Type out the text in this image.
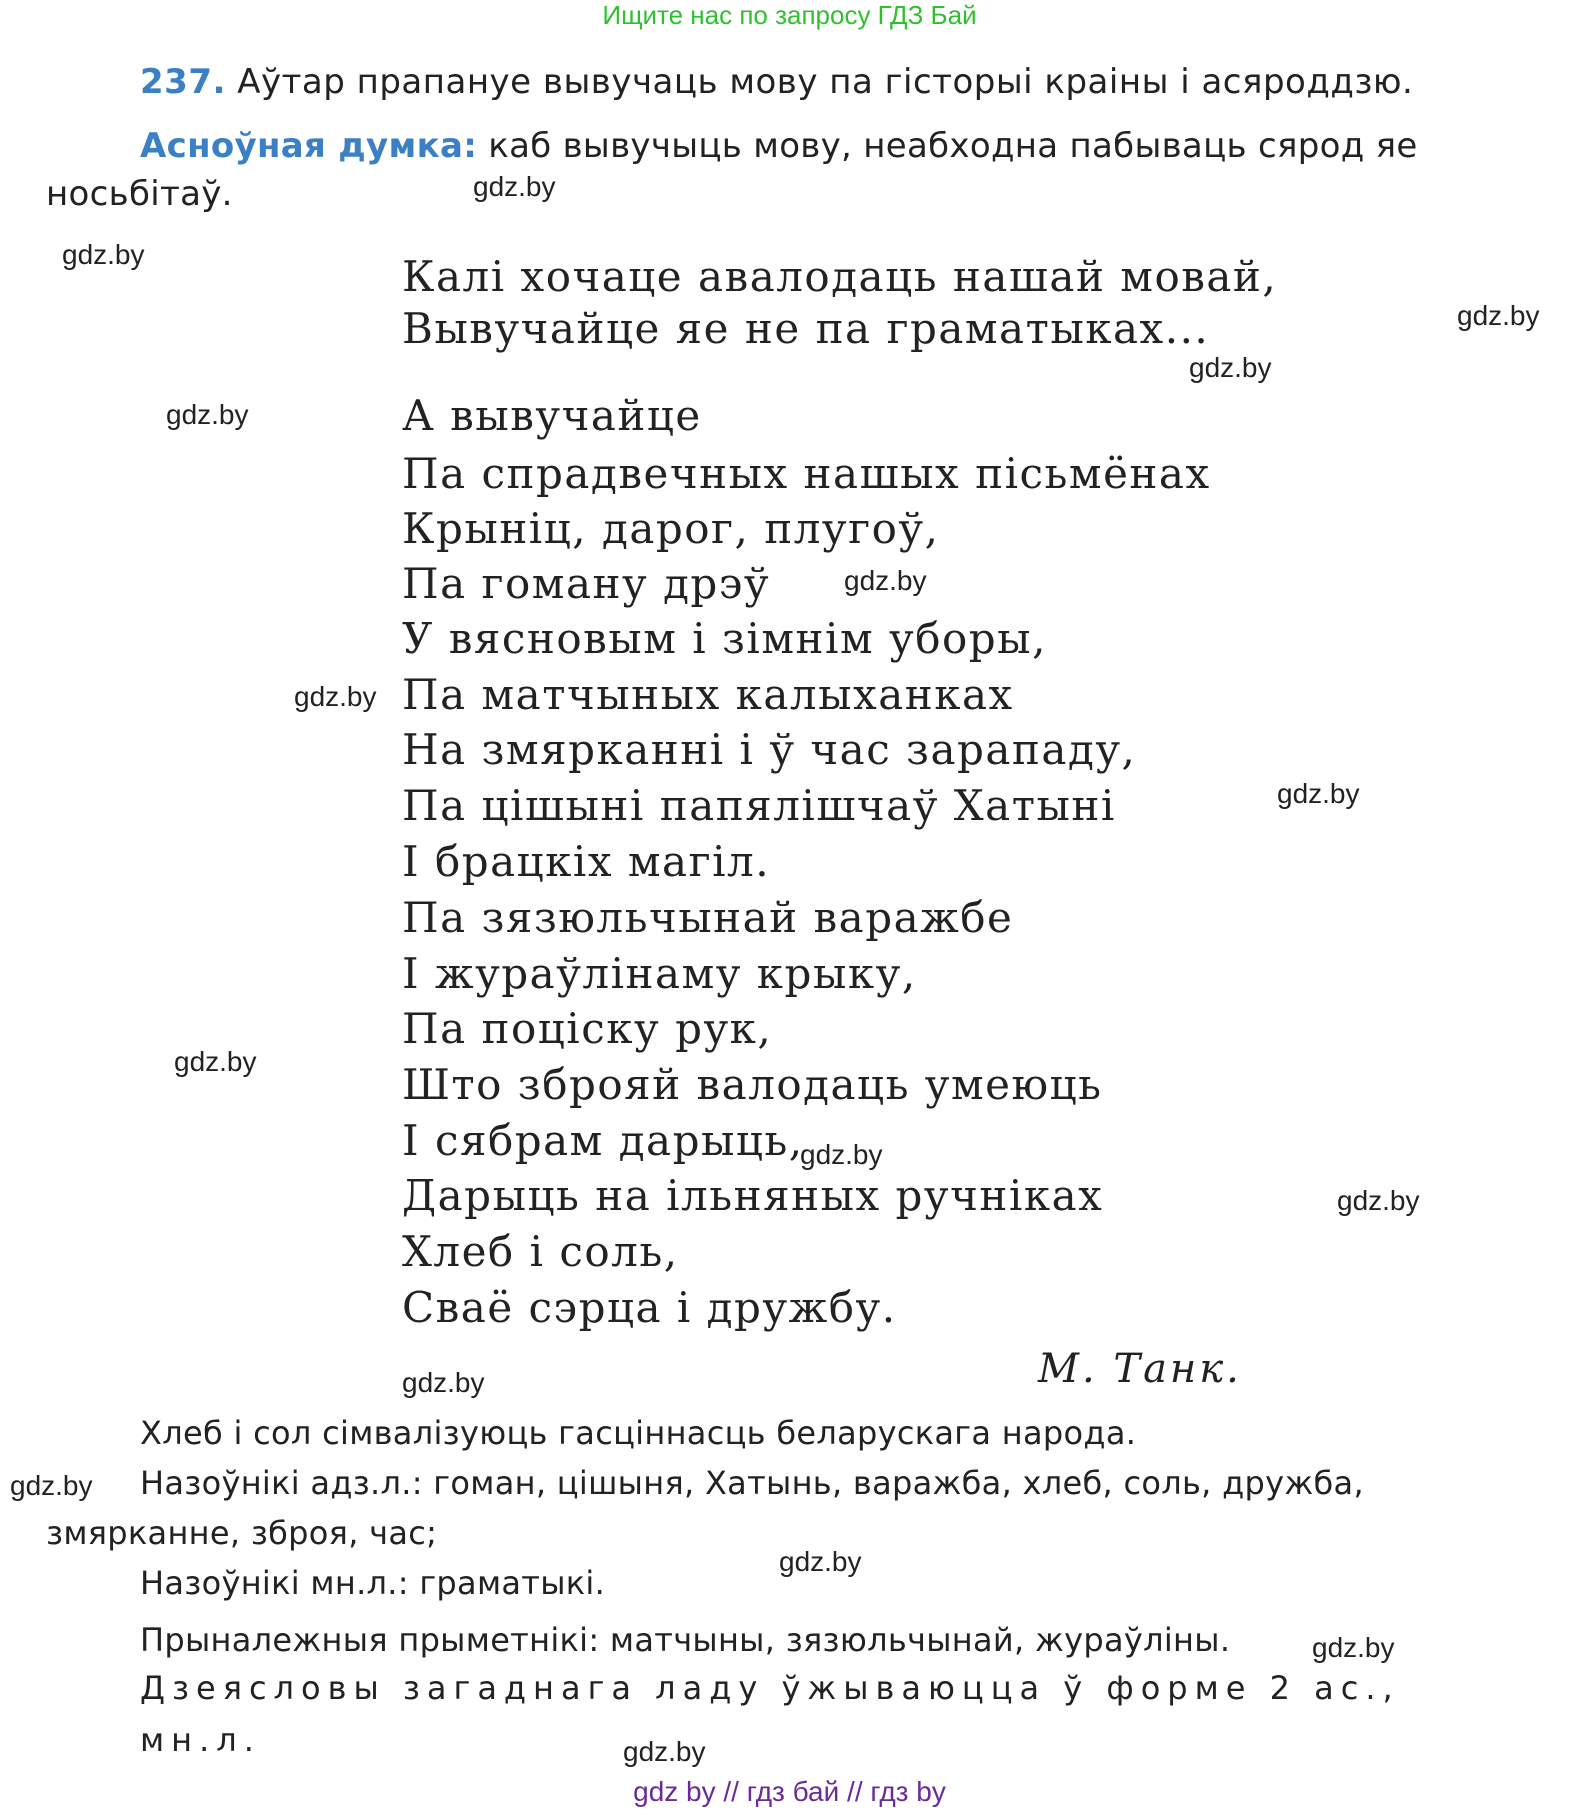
Ищите нас по запросу ГДЗ Бай
237. Аўтар прапануе вывучаць мову па гісторыі краіны і асяроддзю.
Асноўная думка: каб вывучыць мову, неабходна пабываць сярод яе
носьбітаў.
Калі хочаце авалодаць нашай мовай,
Вывучайце яе не па граматыках...
А вывучайце
Па спрадвечных нашых пісьмёнах
Крыніц, дарог, плугоў,
Па гоману дрэў
У вясновым і зімнім уборы,
Па матчыных калыханках
На змярканні і ў час зарападу,
Па цішыні папялішчаў Хатыні
І брацкіх магіл.
Па зязюльчынай варажбе
І жураўлінаму крыку,
Па поціску рук,
Што зброяй валодаць умеюць
І сябрам дарыць,
Дарыць на ільняных ручніках
Хлеб і соль,
Сваё сэрца і дружбу.
М. Танк.
Хлеб і сол сімвалізуюць гасціннасць беларускага народа.
Назоўнікі адз.л.: гоман, цішыня, Хатынь, варажба, хлеб, соль, дружба,
змярканне, зброя, час;
Назоўнікі мн.л.: граматыкі.
Прыналежныя прыметнікі: матчыны, зязюльчынай, жураўліны.
Дзеясловы загаднага ладу ўжываюцца ў форме 2 ас.,
мн.л.
gdz.by
gdz.by
gdz.by
gdz.by
gdz.by
gdz.by
gdz.by
gdz.by
gdz.by
gdz.by
gdz.by
gdz.by
gdz.by
gdz.by
gdz.by
gdz.by
gdz by // гдз бай // гдз by
